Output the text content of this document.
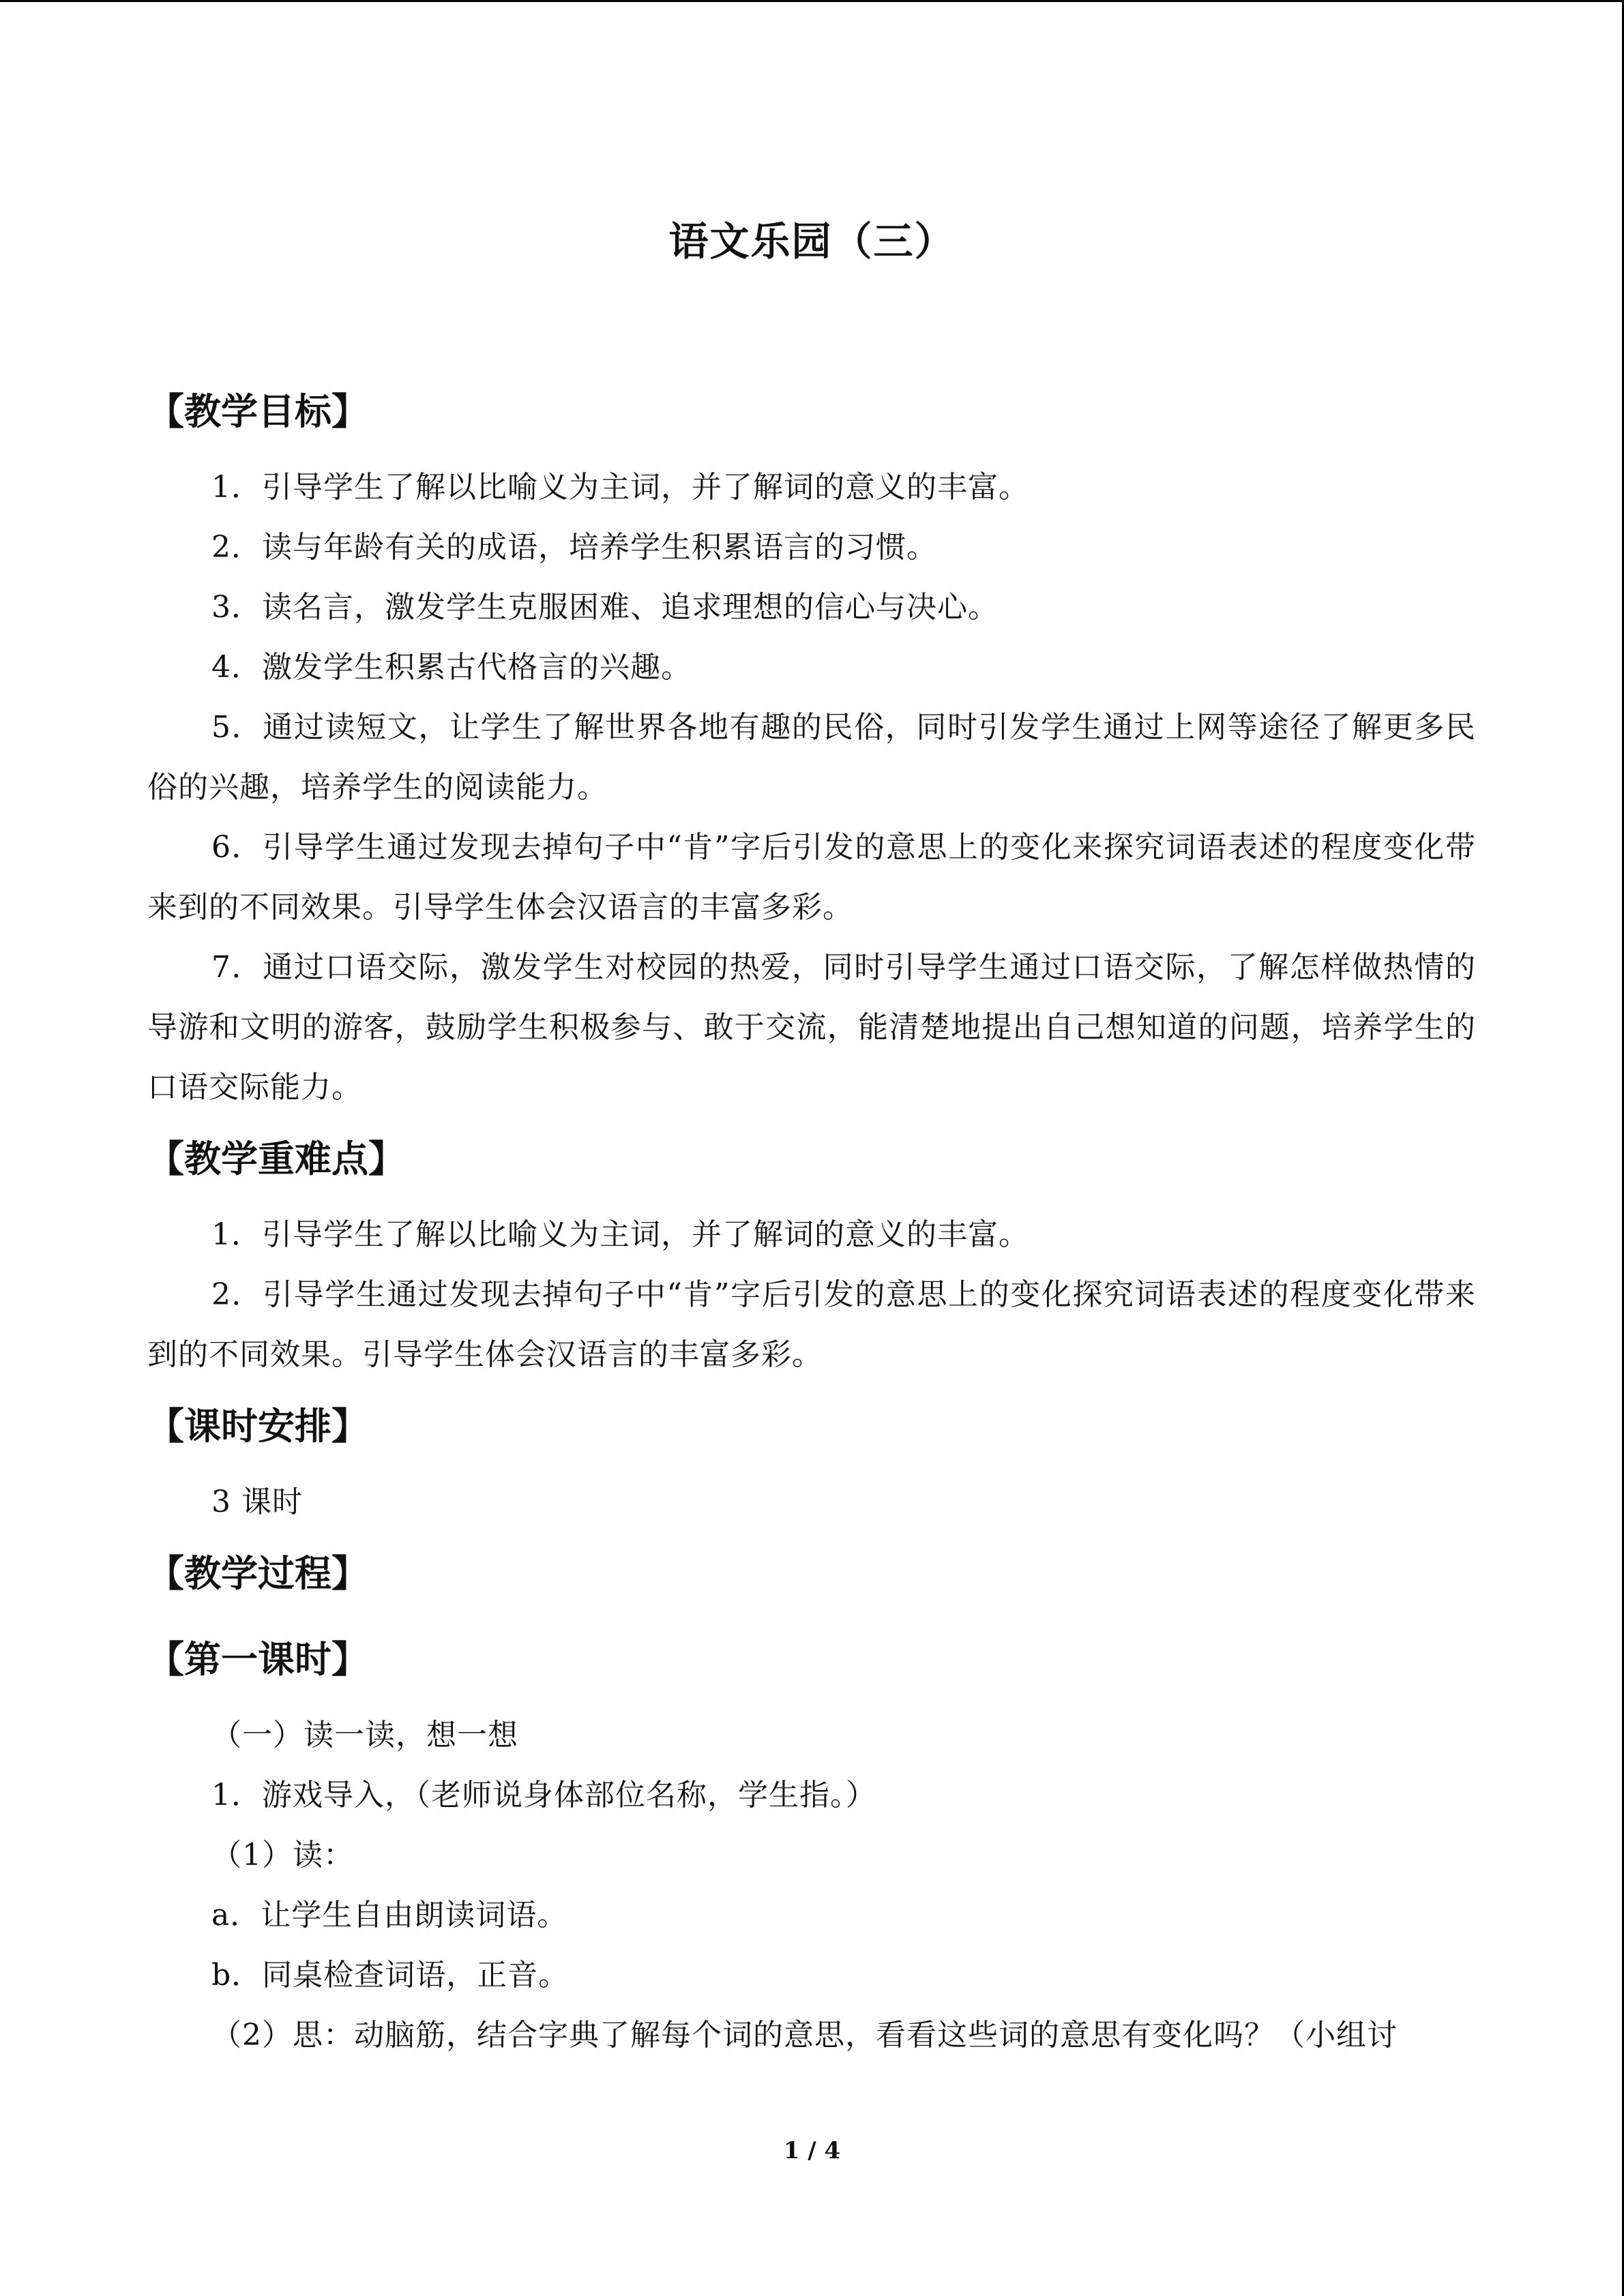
语文乐园（三）
【教学目标】
1．引导学生了解以比喻义为主词，并了解词的意义的丰富。
2．读与年龄有关的成语，培养学生积累语言的习惯。
3．读名言，激发学生克服困难、追求理想的信心与决心。
4．激发学生积累古代格言的兴趣。
5．通过读短文，让学生了解世界各地有趣的民俗，同时引发学生通过上网等途径了解更多民俗的兴趣，培养学生的阅读能力。
6．引导学生通过发现去掉句子中“肯”字后引发的意思上的变化来探究词语表述的程度变化带来到的不同效果。引导学生体会汉语言的丰富多彩。
7．通过口语交际，激发学生对校园的热爱，同时引导学生通过口语交际，了解怎样做热情的导游和文明的游客，鼓励学生积极参与、敢于交流，能清楚地提出自己想知道的问题，培养学生的口语交际能力。
【教学重难点】
1．引导学生了解以比喻义为主词，并了解词的意义的丰富。
2．引导学生通过发现去掉句子中“肯”字后引发的意思上的变化探究词语表述的程度变化带来到的不同效果。引导学生体会汉语言的丰富多彩。
【课时安排】
3 课时
【教学过程】
【第一课时】
（一）读一读，想一想
1．游戏导入，（老师说身体部位名称，学生指。）
（1）读：
a．让学生自由朗读词语。
b．同桌检查词语，正音。
（2）思：动脑筋，结合字典了解每个词的意思，看看这些词的意思有变化吗？（小组讨
1 / 4
